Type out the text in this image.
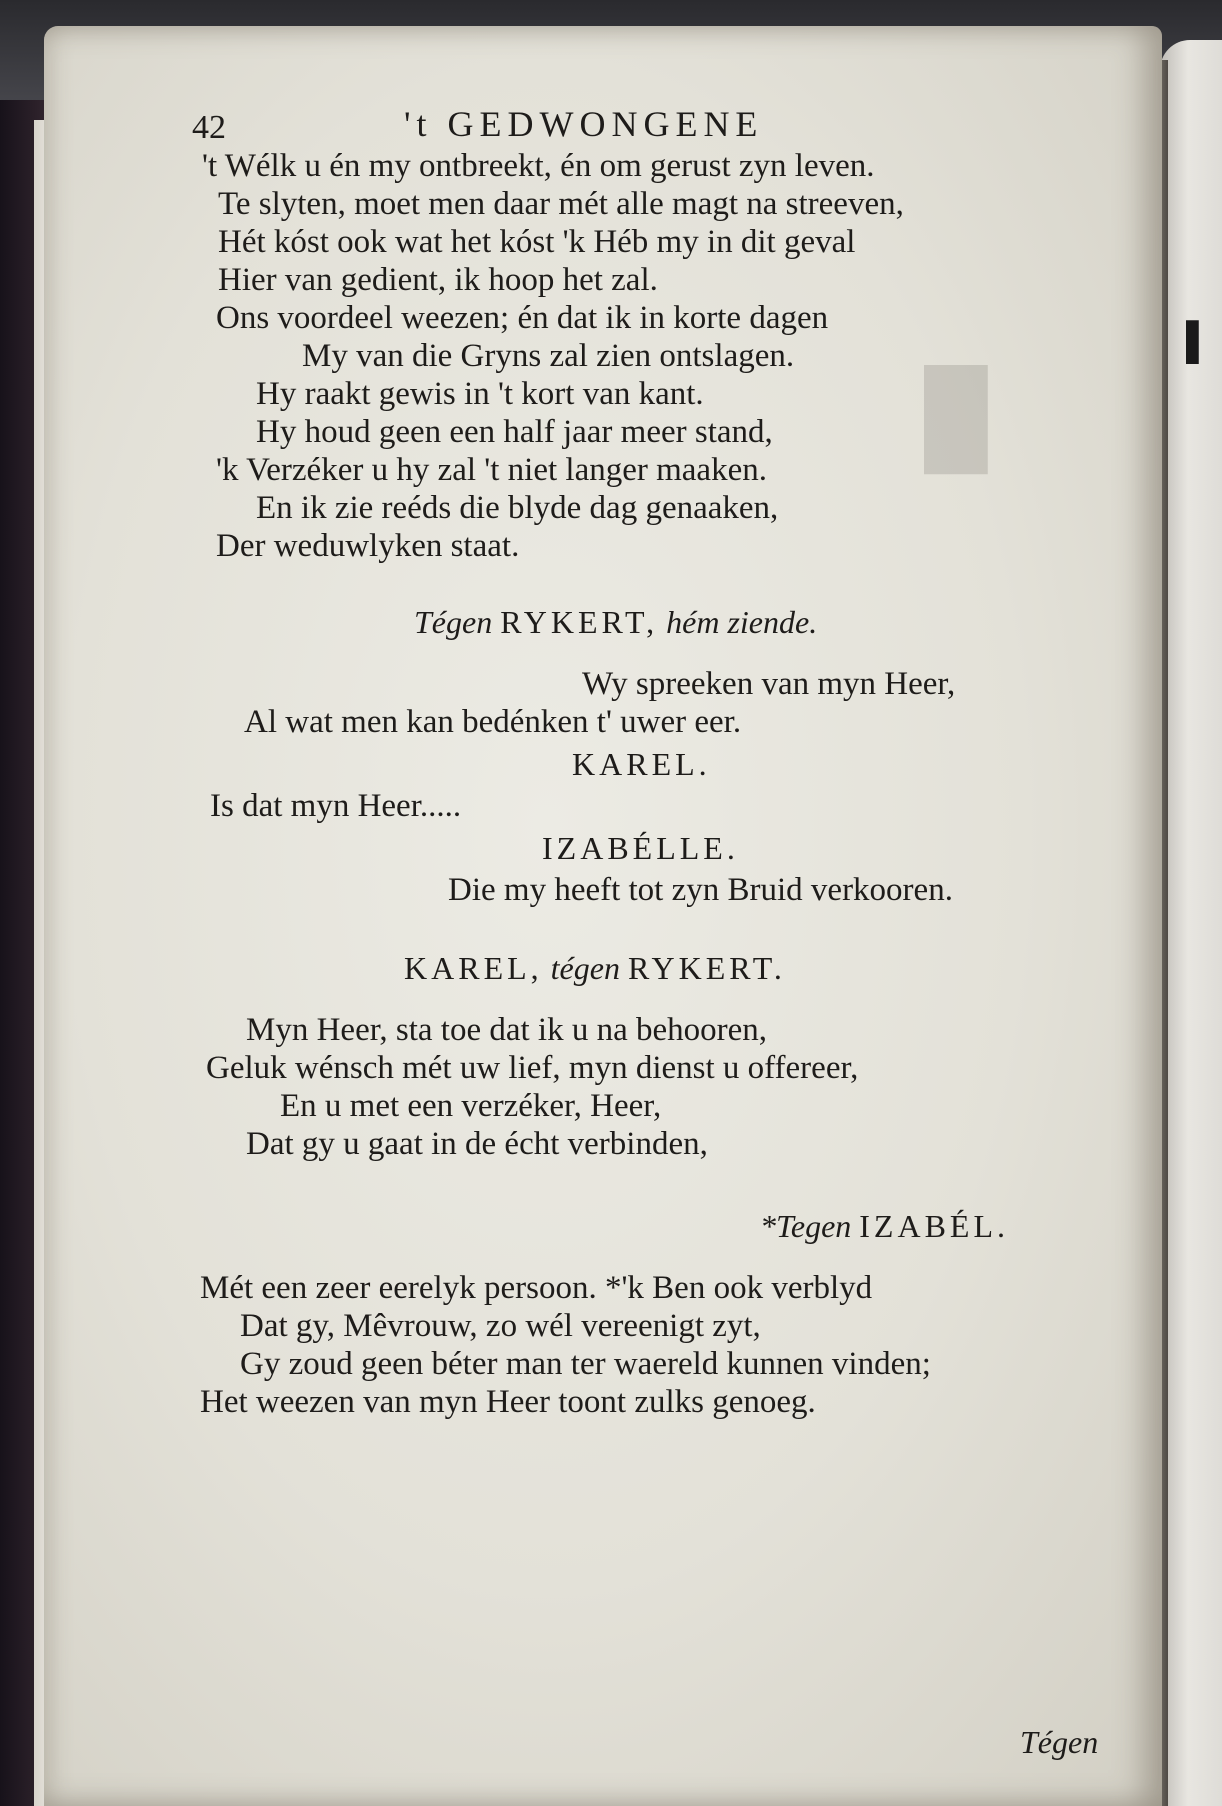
█
42	't GEDWONGENE
't Wélk u én my ontbreekt, én om gerust zyn leven.
Te slyten, moet men daar mét alle magt na streeven,
Hét kóst ook wat het kóst 'k Héb my in dit geval
Hier van gedient, ik hoop het zal.
Ons voordeel weezen; én dat ik in korte dagen
My van die Gryns zal zien ontslagen.
Hy raakt gewis in 't kort van kant.
Hy houd geen een half jaar meer stand,
'k Verzéker u hy zal 't niet langer maaken.
En ik zie reéds die blyde dag genaaken,
Der weduwlyken staat.
Tégen RYKERT, hém ziende.
Wy spreeken van myn Heer,
Al wat men kan bedénken t' uwer eer.
KAREL.
Is dat myn Heer.....
IZABÉLLE.
Die my heeft tot zyn Bruid verkooren.
KAREL, tégen RYKERT.
Myn Heer, sta toe dat ik u na behooren,
Geluk wénsch mét uw lief, myn dienst u offereer,
En u met een verzéker, Heer,
Dat gy u gaat in de écht verbinden,
*Tegen IZABÉL.
Mét een zeer eerelyk persoon. *'k Ben ook verblyd
Dat gy, Mêvrouw, zo wél vereenigt zyt,
Gy zoud geen béter man ter waereld kunnen vinden;
Het weezen van myn Heer toont zulks genoeg.
Tégen
▌
